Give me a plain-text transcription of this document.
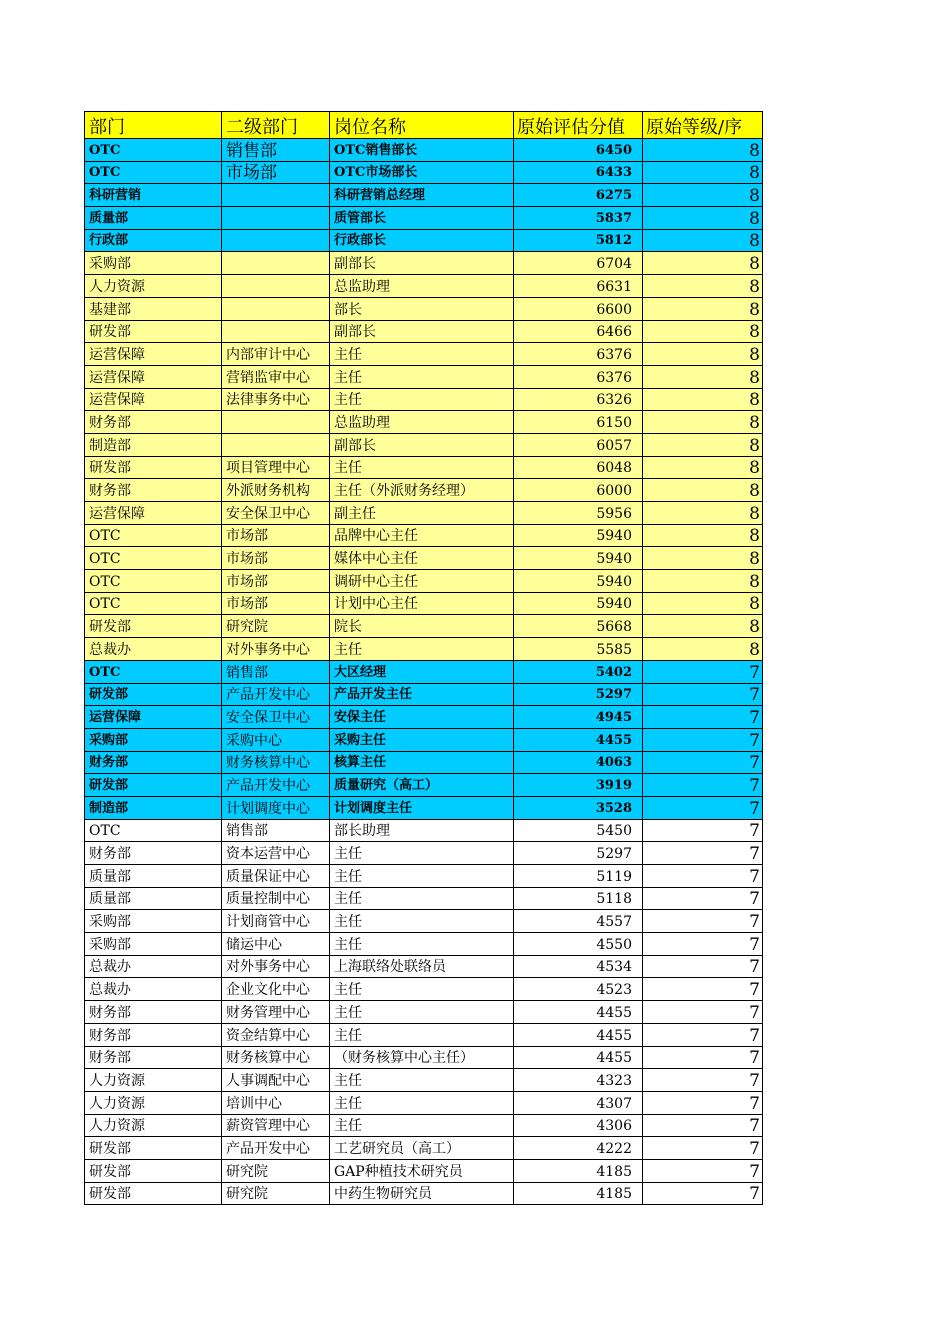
部门	二级部门	岗位名称	原始评估分值	原始等级/序
OTC	销售部	OTC销售部长	6450	8
OTC	市场部	OTC市场部长	6433	8
科研营销		科研营销总经理	6275	8
质量部		质管部长	5837	8
行政部		行政部长	5812	8
采购部		副部长	6704	8
人力资源		总监助理	6631	8
基建部		部长	6600	8
研发部		副部长	6466	8
运营保障	内部审计中心	主任	6376	8
运营保障	营销监审中心	主任	6376	8
运营保障	法律事务中心	主任	6326	8
财务部		总监助理	6150	8
制造部		副部长	6057	8
研发部	项目管理中心	主任	6048	8
财务部	外派财务机构	主任（外派财务经理）	6000	8
运营保障	安全保卫中心	副主任	5956	8
OTC	市场部	品牌中心主任	5940	8
OTC	市场部	媒体中心主任	5940	8
OTC	市场部	调研中心主任	5940	8
OTC	市场部	计划中心主任	5940	8
研发部	研究院	院长	5668	8
总裁办	对外事务中心	主任	5585	8
OTC	销售部	大区经理	5402	7
研发部	产品开发中心	产品开发主任	5297	7
运营保障	安全保卫中心	安保主任	4945	7
采购部	采购中心	采购主任	4455	7
财务部	财务核算中心	核算主任	4063	7
研发部	产品开发中心	质量研究（高工）	3919	7
制造部	计划调度中心	计划调度主任	3528	7
OTC	销售部	部长助理	5450	7
财务部	资本运营中心	主任	5297	7
质量部	质量保证中心	主任	5119	7
质量部	质量控制中心	主任	5118	7
采购部	计划商管中心	主任	4557	7
采购部	储运中心	主任	4550	7
总裁办	对外事务中心	上海联络处联络员	4534	7
总裁办	企业文化中心	主任	4523	7
财务部	财务管理中心	主任	4455	7
财务部	资金结算中心	主任	4455	7
财务部	财务核算中心	（财务核算中心主任）	4455	7
人力资源	人事调配中心	主任	4323	7
人力资源	培训中心	主任	4307	7
人力资源	薪资管理中心	主任	4306	7
研发部	产品开发中心	工艺研究员（高工）	4222	7
研发部	研究院	GAP种植技术研究员	4185	7
研发部	研究院	中药生物研究员	4185	7
